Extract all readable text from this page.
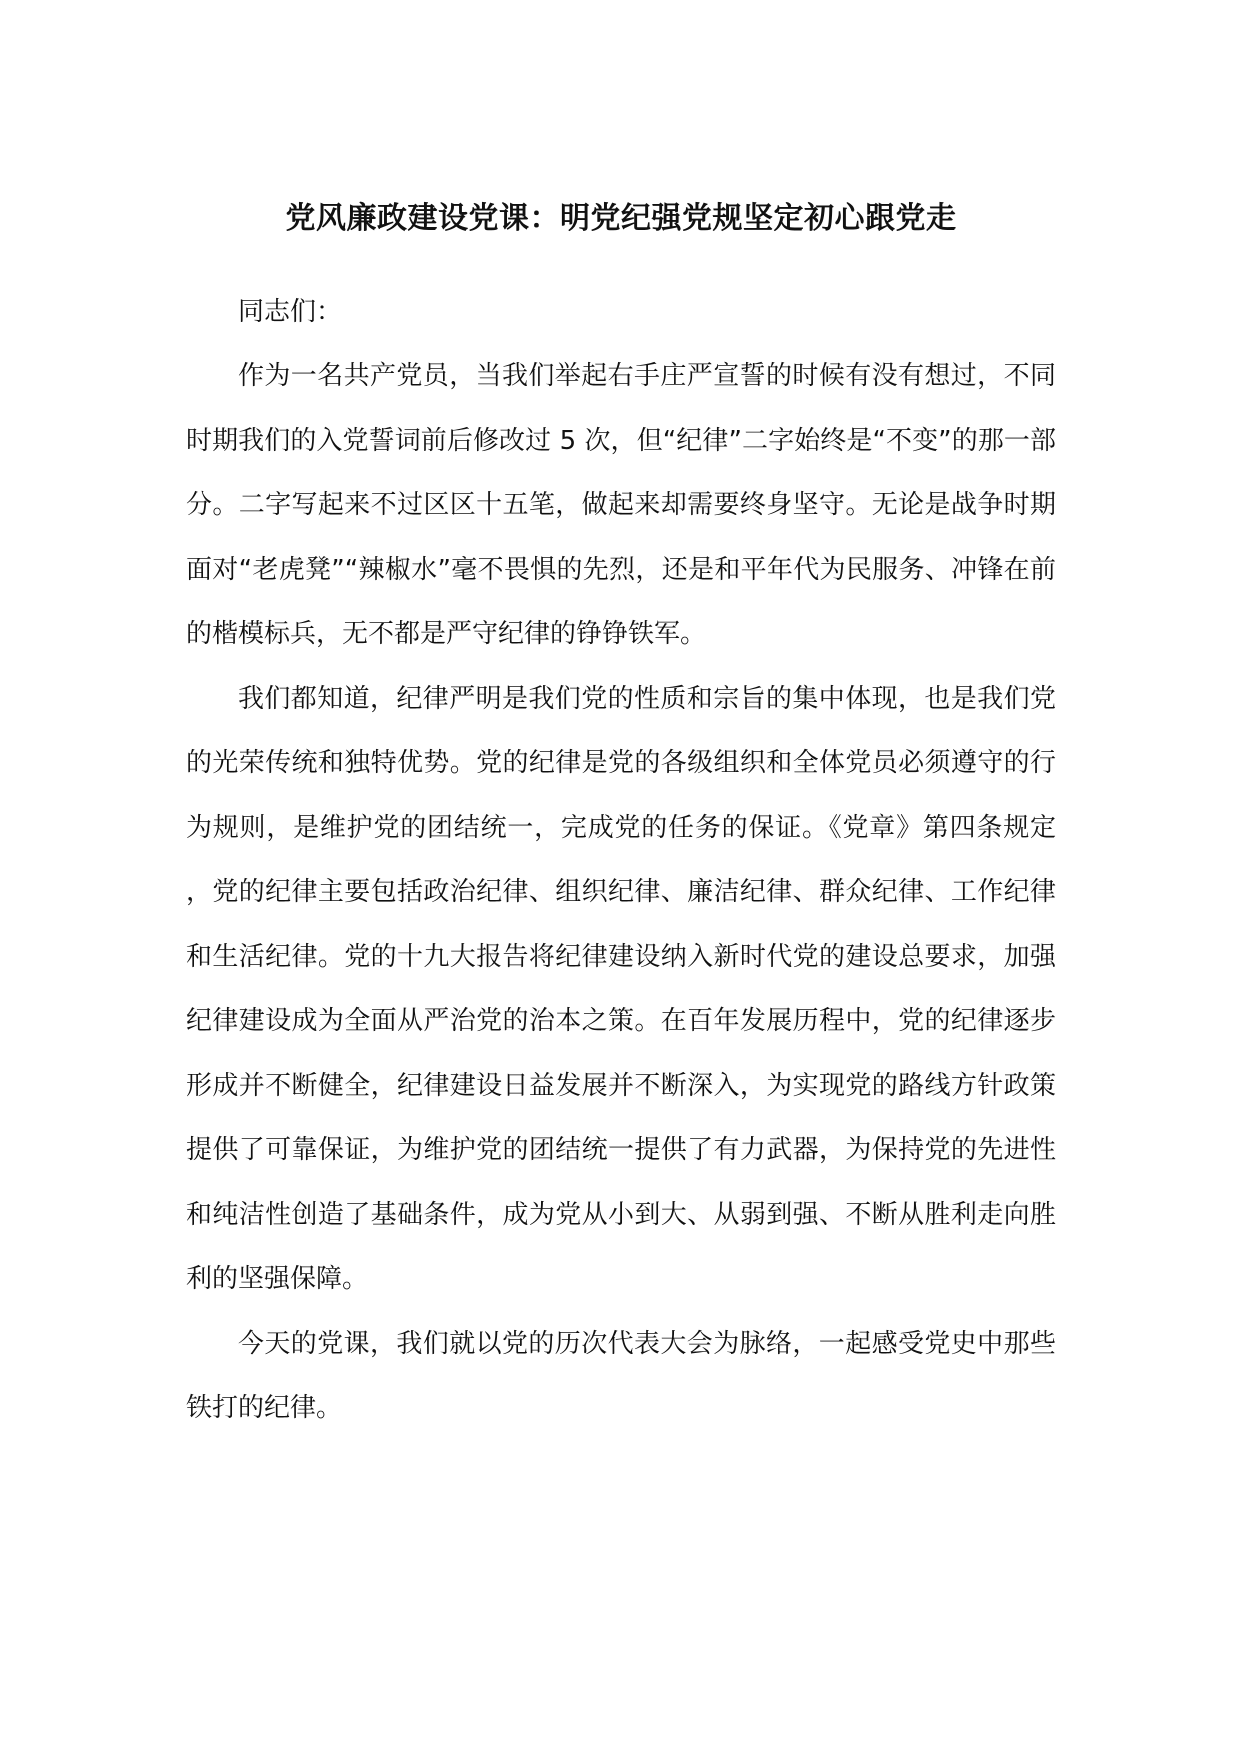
党风廉政建设党课：明党纪强党规坚定初心跟党走

同志们：

作为一名共产党员，当我们举起右手庄严宣誓的时候有没有想过，不同时期我们的入党誓词前后修改过 5 次，但“纪律”二字始终是“不变”的那一部分。二字写起来不过区区十五笔，做起来却需要终身坚守。无论是战争时期面对“老虎凳”“辣椒水”毫不畏惧的先烈，还是和平年代为民服务、冲锋在前的楷模标兵，无不都是严守纪律的铮铮铁军。

我们都知道，纪律严明是我们党的性质和宗旨的集中体现，也是我们党的光荣传统和独特优势。党的纪律是党的各级组织和全体党员必须遵守的行为规则，是维护党的团结统一，完成党的任务的保证。《党章》第四条规定，党的纪律主要包括政治纪律、组织纪律、廉洁纪律、群众纪律、工作纪律和生活纪律。党的十九大报告将纪律建设纳入新时代党的建设总要求，加强纪律建设成为全面从严治党的治本之策。在百年发展历程中，党的纪律逐步形成并不断健全，纪律建设日益发展并不断深入，为实现党的路线方针政策提供了可靠保证，为维护党的团结统一提供了有力武器，为保持党的先进性和纯洁性创造了基础条件，成为党从小到大、从弱到强、不断从胜利走向胜利的坚强保障。

今天的党课，我们就以党的历次代表大会为脉络，一起感受党史中那些铁打的纪律。
